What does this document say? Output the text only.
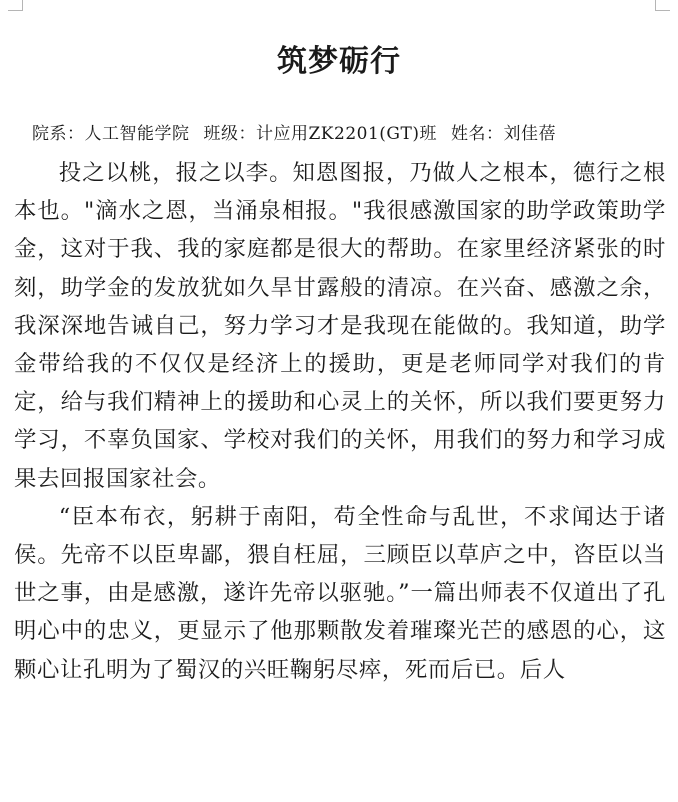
筑梦砺行
院系：人工智能学院 班级：计应用ZK2201(GT)班 姓名：刘佳蓓

投之以桃，报之以李。知恩图报，乃做人之根本，德行之根本也。"滴水之恩，当涌泉相报。"我很感激国家的助学政策助学金，这对于我、我的家庭都是很大的帮助。在家里经济紧张的时刻，助学金的发放犹如久旱甘露般的清凉。在兴奋、感激之余，我深深地告诫自己，努力学习才是我现在能做的。我知道，助学金带给我的不仅仅是经济上的援助，更是老师同学对我们的肯定，给与我们精神上的援助和心灵上的关怀，所以我们要更努力学习，不辜负国家、学校对我们的关怀，用我们的努力和学习成果去回报国家社会。

“臣本布衣，躬耕于南阳，苟全性命与乱世，不求闻达于诸侯。先帝不以臣卑鄙，猥自枉屈，三顾臣以草庐之中，咨臣以当世之事，由是感激，遂许先帝以驱驰。”一篇出师表不仅道出了孔明心中的忠义，更显示了他那颗散发着璀璨光芒的感恩的心，这颗心让孔明为了蜀汉的兴旺鞠躬尽瘁，死而后已。后人
